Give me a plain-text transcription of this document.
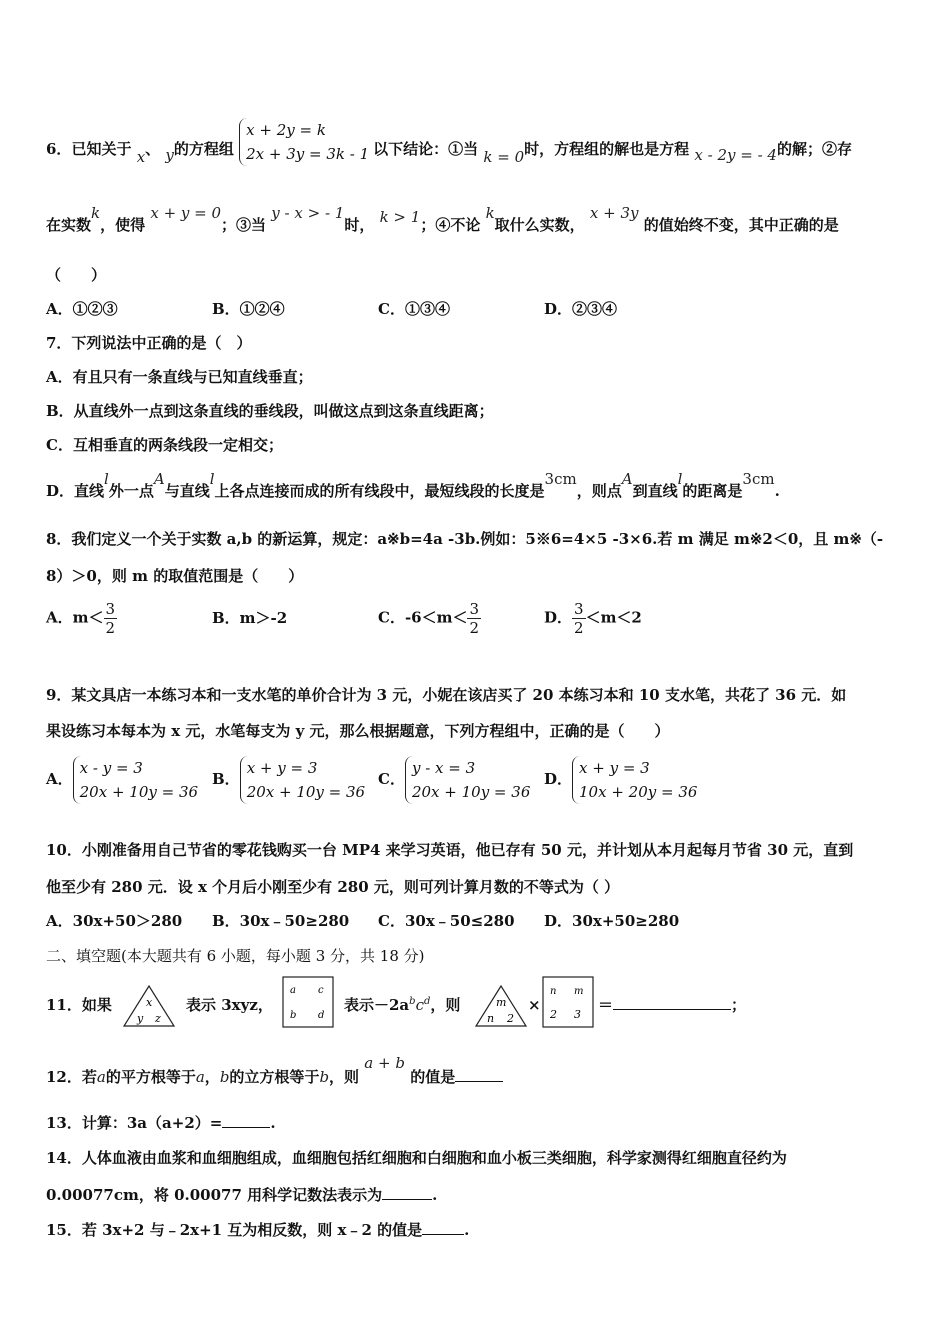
6．已知关于 x、 y的方程组
x + 2y = k
2x + 3y = 3k - 1 以下结论：①当 k = 0时，方程组的解也是方程 x - 2y = - 4的解；②存
在实数k，使得 x + y = 0；③当 y - x > - 1时， k > 1；④不论 k取什么实数， x + 3y 的值始终不变，其中正确的是
（　　）
A．①②③	B．①②④	C．①③④	D．②③④
7．下列说法中正确的是（　）
A．有且只有一条直线与已知直线垂直；
B．从直线外一点到这条直线的垂线段，叫做这点到这条直线距离；
C．互相垂直的两条线段一定相交；
D．直线l外一点A与直线l上各点连接而成的所有线段中，最短线段的长度是3cm，则点A到直线l的距离是3cm.
8．我们定义一个关于实数 a,b 的新运算，规定：a※b=4a -3b.例如：5※6=4×5 -3×6.若 m 满足 m※2＜0，且 m※（-
8）＞0，则 m 的取值范围是（　　）
A．$m< \frac{3}{2}$	B．m＞-2	C．$-6<m< \frac{3}{2}$	D． $\frac{3}{2} <m<2$
9．某文具店一本练习本和一支水笔的单价合计为 3 元，小妮在该店买了 20 本练习本和 10 支水笔，共花了 36 元．如
果设练习本每本为 x 元，水笔每支为 y 元，那么根据题意，下列方程组中，正确的是（　　）
A．
x - y = 3
20x + 10y = 36
B．
x + y = 3
20x + 10y = 36
C．
y - x = 3
20x + 10y = 36
D．
x + y = 3
10x + 20y = 36
10．小刚准备用自己节省的零花钱购买一台 MP4 来学习英语，他已存有 50 元，并计划从本月起每月节省 30 元，直到
他至少有 280 元．设 x 个月后小刚至少有 280 元，则可列计算月数的不等式为（ ）
A．30x+50＞280 B．30x﹣50≥280 C．30x﹣50≤280 D．30x+50≥280
二、填空题(本大题共有 6 小题，每小题 3 分，共 18 分)
11．如果	x
y z
表示 3xyz，
a c
b d
表示$-2a^bc^d$，则	m
n 2
×
n m
2 3
＝	；
12．若a的平方根等于a，b的立方根等于b，则 a + b 的值是
13．计算：3a（a+2）=	.
14．人体血液由血浆和血细胞组成，血细胞包括红细胞和白细胞和血小板三类细胞，科学家测得红细胞直径约为
0.00077cm，将 0.00077 用科学记数法表示为	.
15．若 3x+2 与﹣2x+1 互为相反数，则 x﹣2 的值是	.
